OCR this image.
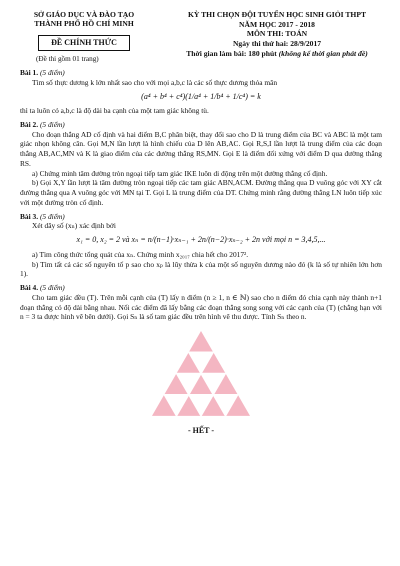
SỞ GIÁO DỤC VÀ ĐÀO TẠO
THÀNH PHỐ HỒ CHÍ MINH
ĐỀ CHÍNH THỨC
(Đề thi gồm 01 trang)
KỲ THI CHỌN ĐỘI TUYỂN HỌC SINH GIỎI THPT
NĂM HỌC 2017 - 2018
MÔN THI: TOÁN
Ngày thi thứ hai: 28/9/2017
Thời gian làm bài: 180 phút (không kể thời gian phát đề)
Bài 1. (5 điểm)
Tìm số thực dương k lớn nhất sao cho với mọi a,b,c là các số thực dương thỏa mãn
(a⁴ + b⁴ + c⁴)(1/a⁴ + 1/b⁴ + 1/c⁴) = k
thì ta luôn có a,b,c là độ dài ba cạnh của một tam giác không tù.
Bài 2. (5 điểm)
Cho đoạn thẳng AD cố định và hai điểm B,C phân biệt, thay đổi sao cho D là trung điểm của BC và ABC là một tam giác nhọn không cân. Gọi M,N lần lượt là hình chiếu của D lên AB,AC. Gọi R,S,I lần lượt là trung điểm của các đoạn thẳng AB,AC,MN và K là giao điểm của các đường thẳng RS,MN. Gọi E là điểm đối xứng với điểm D qua đường thẳng RS.
a) Chứng minh tâm đường tròn ngoại tiếp tam giác IKE luôn di động trên một đường thẳng cố định.
b) Gọi X,Y lần lượt là tâm đường tròn ngoại tiếp các tam giác ABN,ACM. Đường thẳng qua D vuông góc với XY cắt đường thẳng qua A vuông góc với MN tại T. Gọi L là trung điểm của DT. Chứng minh rằng đường thẳng LN luôn tiếp xúc với một đường tròn cố định.
Bài 3. (5 điểm)
Xét dãy số (xₙ) xác định bởi
x₁ = 0, x₂ = 2 và xₙ = n/(n−1)·xₙ₋₁ + 2n/(n−2)·xₙ₋₂ + 2n với mọi n = 3,4,5,...
a) Tìm công thức tổng quát của xₙ. Chứng minh x₂₀₁₇ chia hết cho 2017².
b) Tìm tất cả các số nguyên tố p sao cho xₚ là lũy thừa k của một số nguyên dương nào đó (k là số tự nhiên lớn hơn 1).
Bài 4. (5 điểm)
Cho tam giác đều (T). Trên mỗi cạnh của (T) lấy n điểm (n ≥ 1, n ∈ ℕ) sao cho n điểm đó chia cạnh này thành n+1 đoạn thẳng có độ dài bằng nhau. Nối các điểm đã lấy bằng các đoạn thẳng song song với các cạnh của (T) (chẳng hạn với n = 3 ta được hình vẽ bên dưới). Gọi Sₙ là số tam giác đều trên hình vẽ thu được. Tính Sₙ theo n.
- HẾT -
